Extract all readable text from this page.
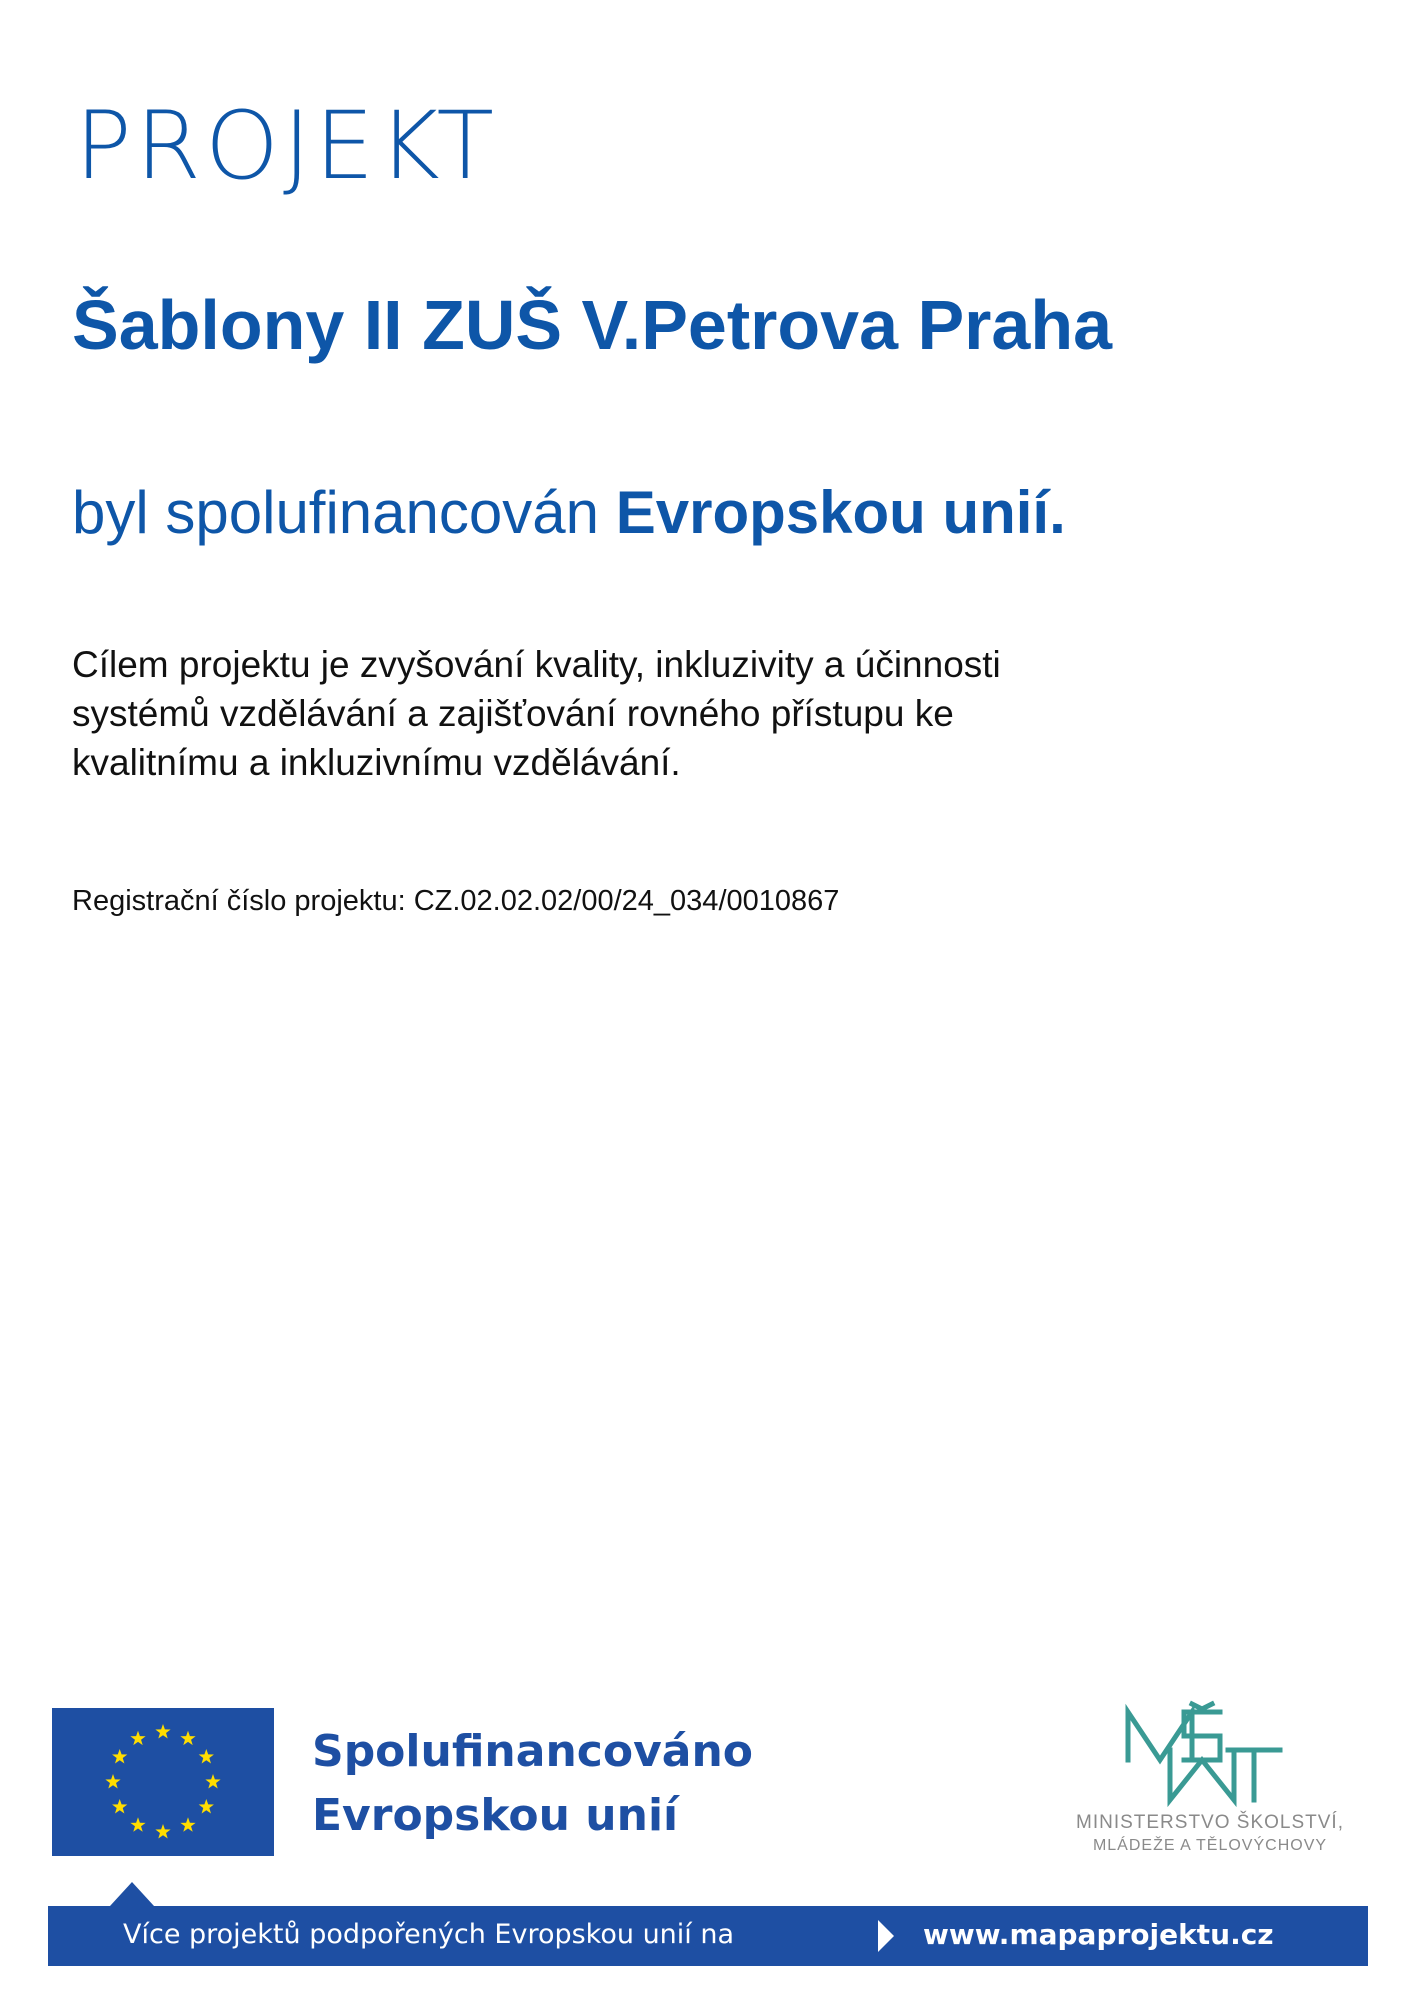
PROJEKT
Šablony II ZUŠ V.Petrova Praha
byl spolufinancován Evropskou unií.
Cílem projektu je zvyšování kvality, inkluzivity a účinnosti
systémů vzdělávání a zajišťování rovného přístupu ke
kvalitnímu a inkluzivnímu vzdělávání.
Registrační číslo projektu: CZ.02.02.02/00/24_034/0010867
Spolufinancováno
Evropskou unií	MINISTERSTVO ŠKOLSTVÍ,
MLÁDEŽE A TĚLOVÝCHOVY
Více projektů podpořených Evropskou unií na	www.mapaprojektu.cz
